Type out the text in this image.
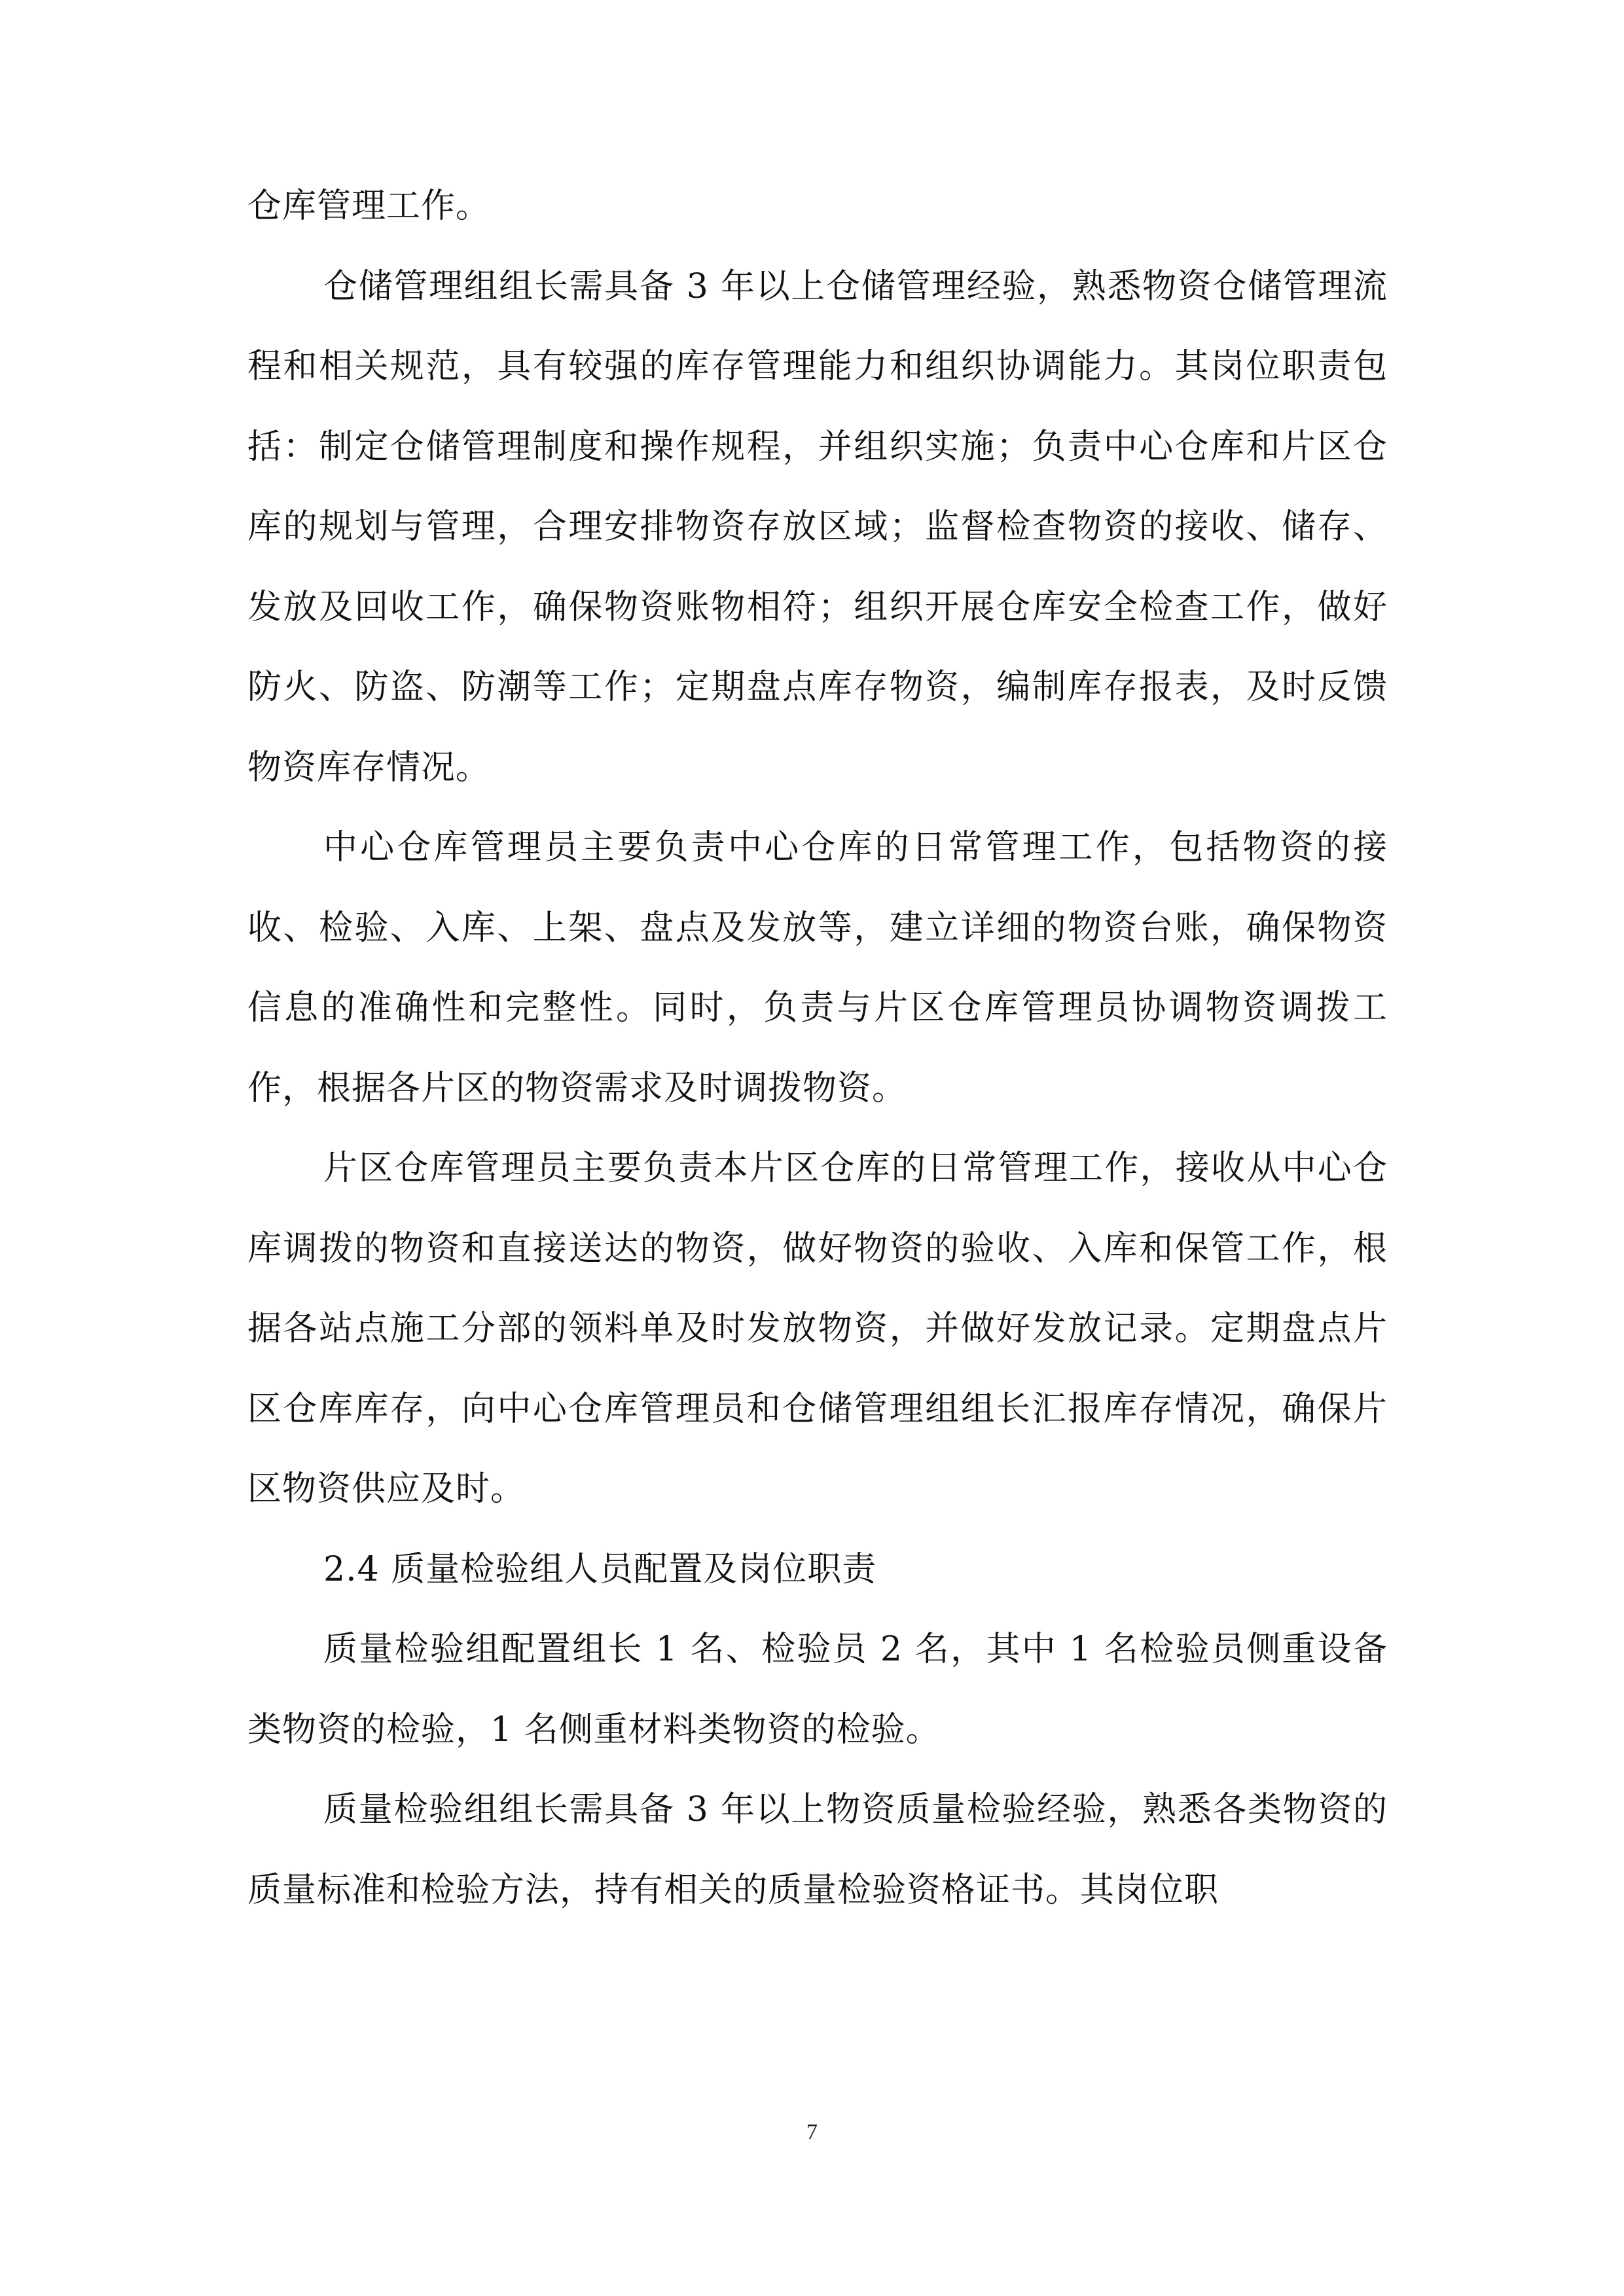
仓库管理工作。

仓储管理组组长需具备 3 年以上仓储管理经验，熟悉物资仓储管理流程和相关规范，具有较强的库存管理能力和组织协调能力。其岗位职责包括：制定仓储管理制度和操作规程，并组织实施；负责中心仓库和片区仓库的规划与管理，合理安排物资存放区域；监督检查物资的接收、储存、发放及回收工作，确保物资账物相符；组织开展仓库安全检查工作，做好防火、防盗、防潮等工作；定期盘点库存物资，编制库存报表，及时反馈物资库存情况。

中心仓库管理员主要负责中心仓库的日常管理工作，包括物资的接收、检验、入库、上架、盘点及发放等，建立详细的物资台账，确保物资信息的准确性和完整性。同时，负责与片区仓库管理员协调物资调拨工作，根据各片区的物资需求及时调拨物资。

片区仓库管理员主要负责本片区仓库的日常管理工作，接收从中心仓库调拨的物资和直接送达的物资，做好物资的验收、入库和保管工作，根据各站点施工分部的领料单及时发放物资，并做好发放记录。定期盘点片区仓库库存，向中心仓库管理员和仓储管理组组长汇报库存情况，确保片区物资供应及时。

2.4 质量检验组人员配置及岗位职责

质量检验组配置组长 1 名、检验员 2 名，其中 1 名检验员侧重设备类物资的检验，1 名侧重材料类物资的检验。

质量检验组组长需具备 3 年以上物资质量检验经验，熟悉各类物资的质量标准和检验方法，持有相关的质量检验资格证书。其岗位职

7
